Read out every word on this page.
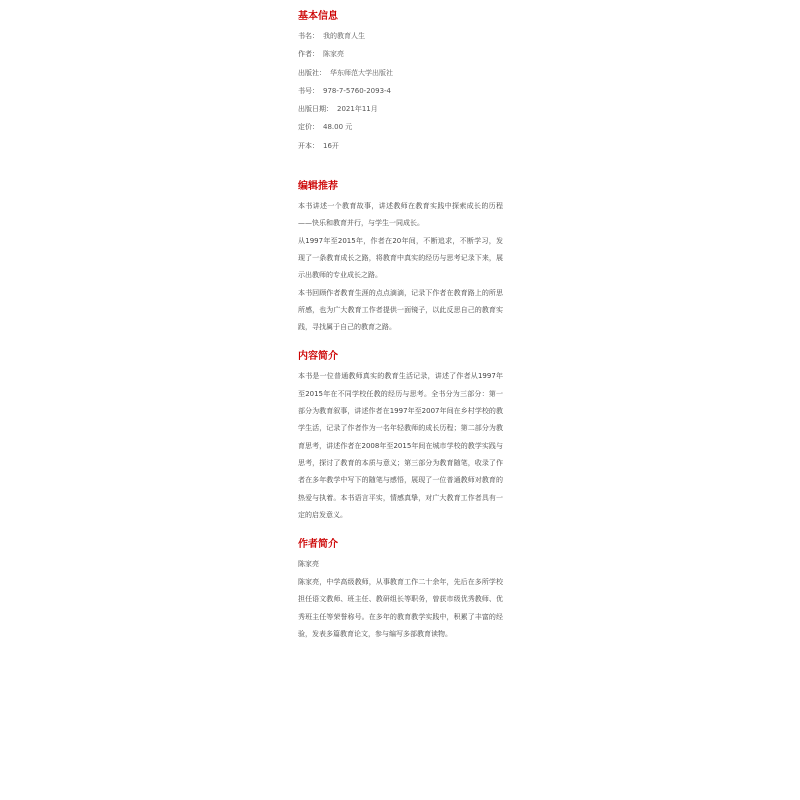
基本信息
书名： 我的教育人生
作者： 陈家亮
出版社： 华东师范大学出版社
书号： 978-7-5760-2093-4
出版日期： 2021年11月
定价： 48.00 元
开本： 16开
编辑推荐

本书讲述一个教育故事，讲述教师在教育实践中探索成长的历程——快乐和教育并行，与学生一同成长。

从1997年至2015年，作者在20年间，不断追求，不断学习，发现了一条教育成长之路，将教育中真实的经历与思考记录下来，展示出教师的专业成长之路。

本书回顾作者教育生涯的点点滴滴，记录下作者在教育路上的所思所感，也为广大教育工作者提供一面镜子，以此反思自己的教育实践，寻找属于自己的教育之路。

内容简介

本书是一位普通教师真实的教育生活记录，讲述了作者从1997年至2015年在不同学校任教的经历与思考。全书分为三部分：第一部分为教育叙事，讲述作者在1997年至2007年间在乡村学校的教学生活，记录了作者作为一名年轻教师的成长历程；第二部分为教育思考，讲述作者在2008年至2015年间在城市学校的教学实践与思考，探讨了教育的本质与意义；第三部分为教育随笔，收录了作者在多年教学中写下的随笔与感悟，展现了一位普通教师对教育的热爱与执着。本书语言平实，情感真挚，对广大教育工作者具有一定的启发意义。

作者简介
陈家亮

陈家亮，中学高级教师，从事教育工作二十余年，先后在多所学校担任语文教师、班主任、教研组长等职务，曾获市级优秀教师、优秀班主任等荣誉称号。在多年的教育教学实践中，积累了丰富的经验，发表多篇教育论文，参与编写多部教育读物。
